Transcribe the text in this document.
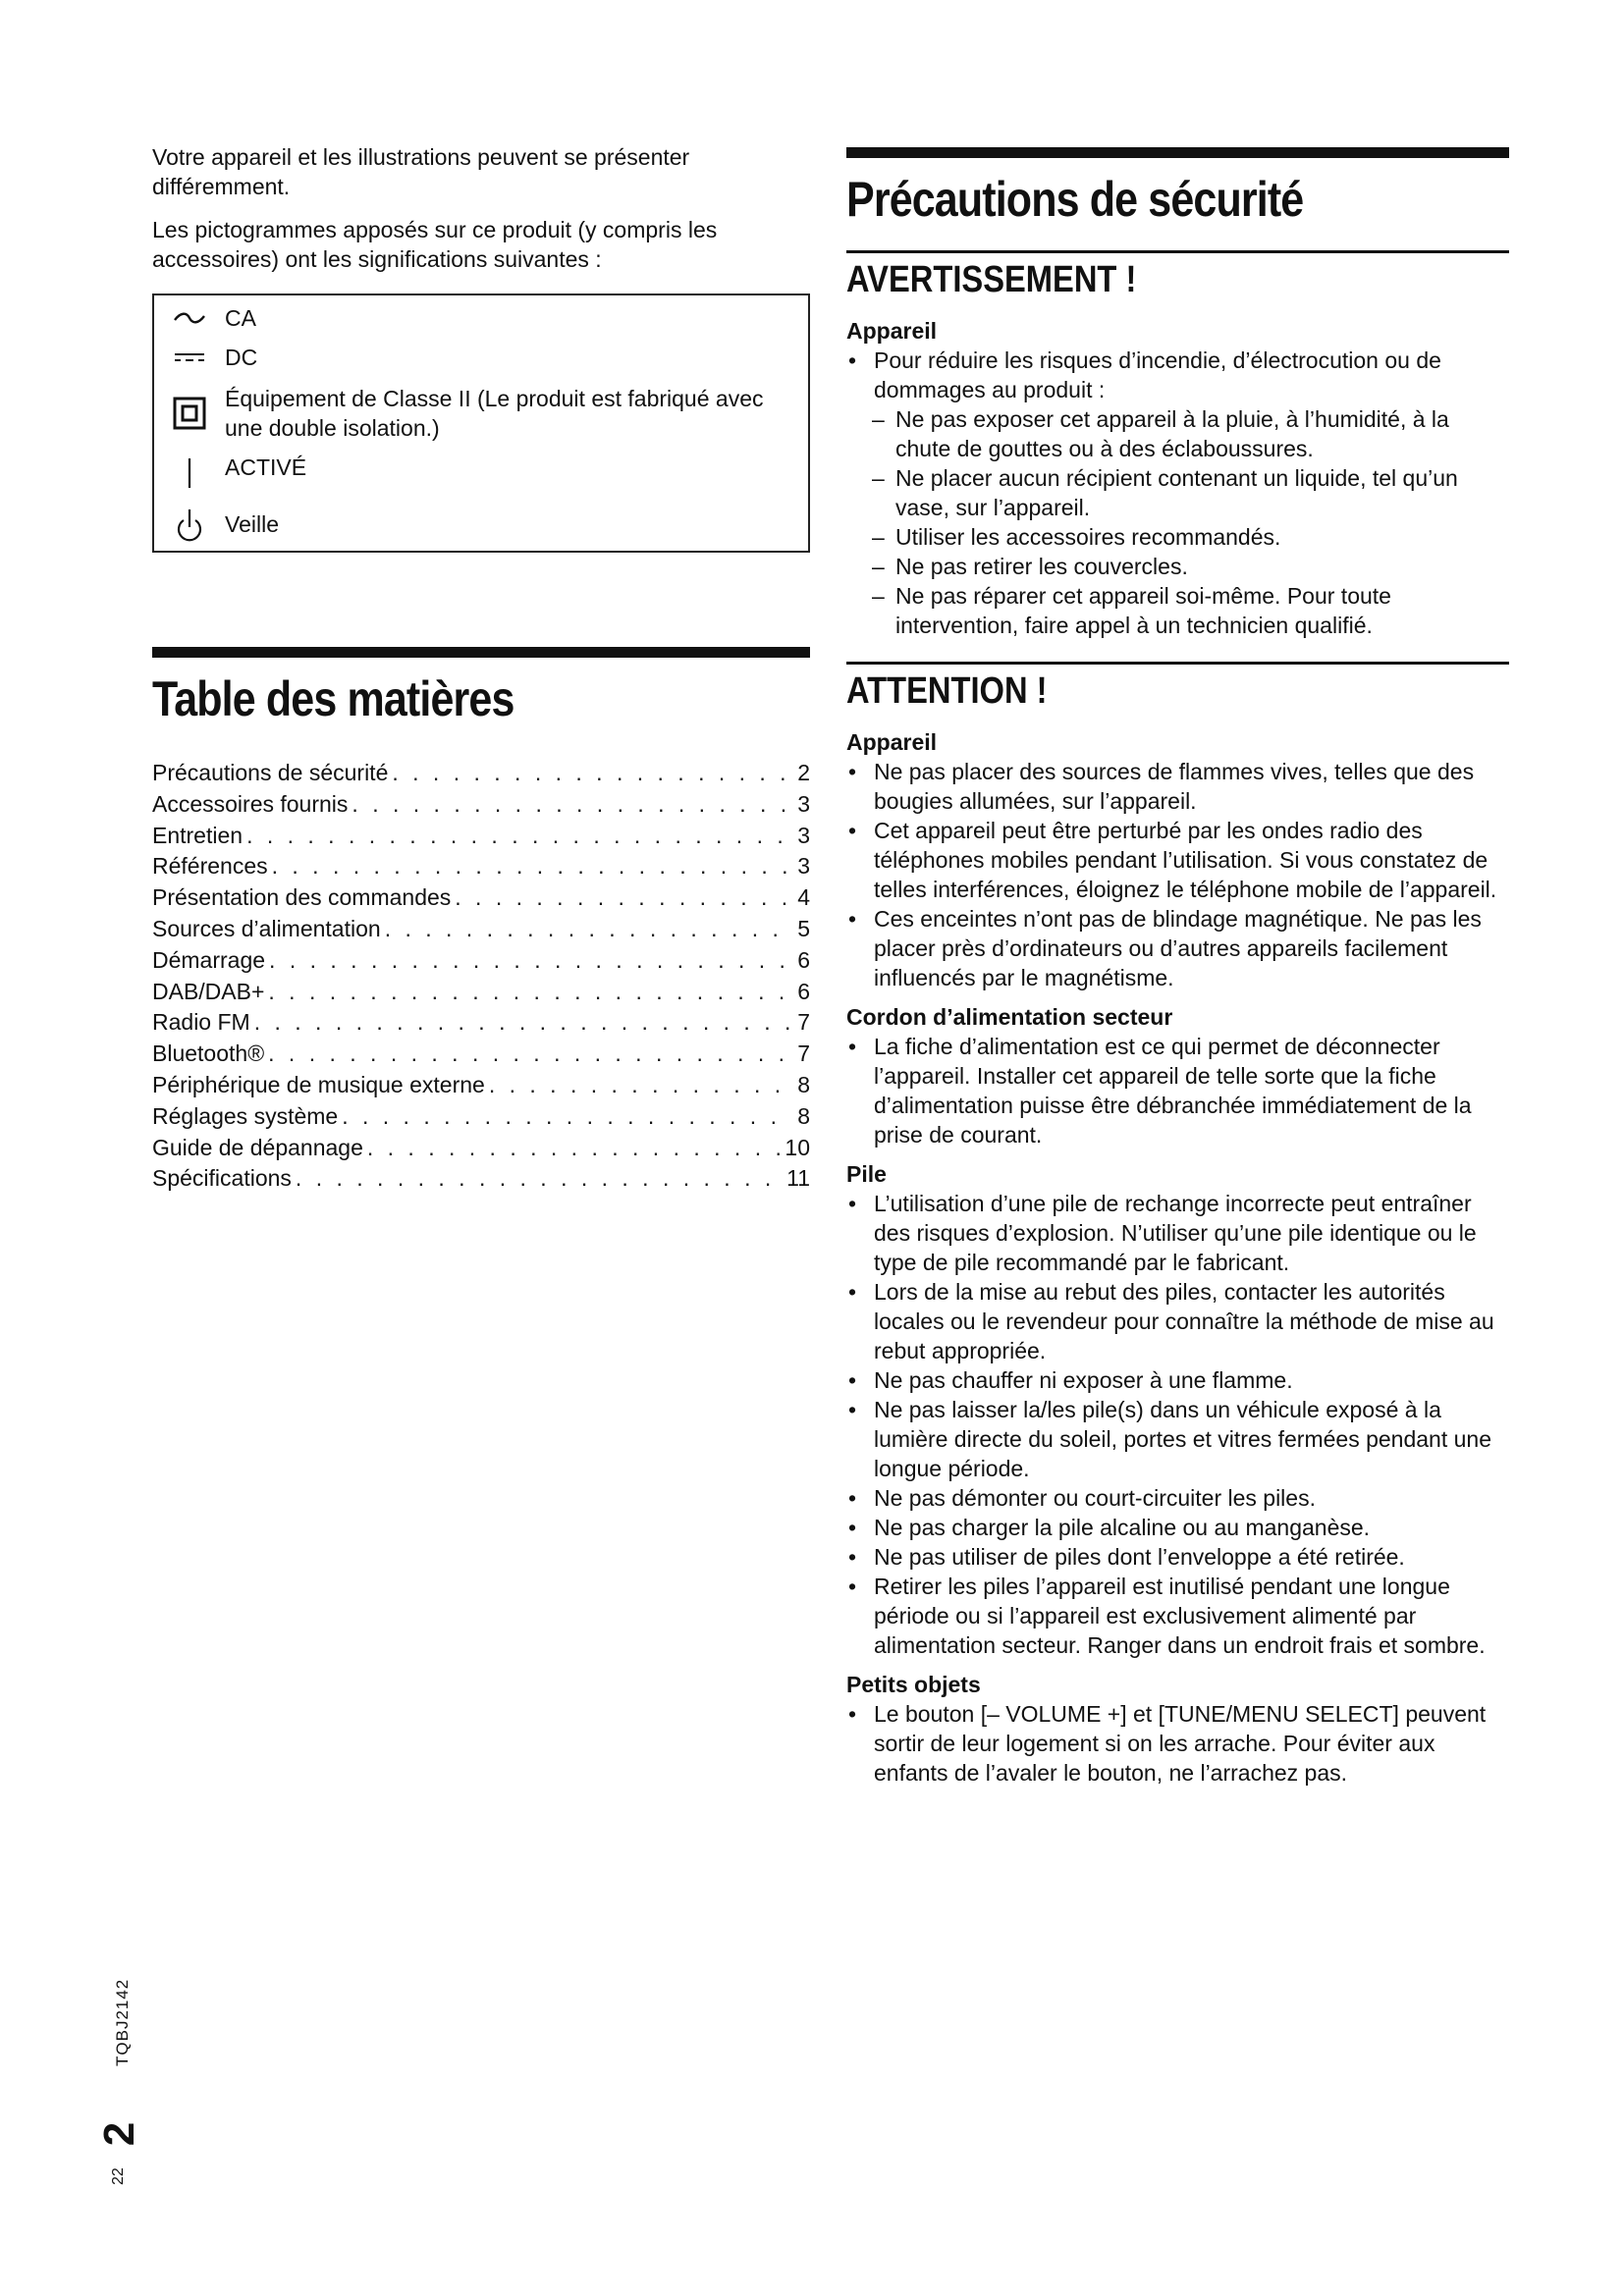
Votre appareil et les illustrations peuvent se présenter différemment.

Les pictogrammes apposés sur ce produit (y compris les accessoires) ont les significations suivantes :

CA
DC
Équipement de Classe II (Le produit est fabriqué avec une double isolation.)
ACTIVÉ
Veille
Table des matières
Précautions de sécurité . . .	2
Accessoires fournis . . .	3
Entretien . . .	3
Références . . .	3
Présentation des commandes . . .	4
Sources d’alimentation . . .	5
Démarrage . . .	6
DAB/DAB+ . . .	6
Radio FM . . .	7
Bluetooth® . . .	7
Périphérique de musique externe . . .	8
Réglages système . . .	8
Guide de dépannage . . .	10
Spécifications . . .	11
Précautions de sécurité
AVERTISSEMENT !
Appareil
• Pour réduire les risques d’incendie, d’électrocution ou de dommages au produit :
– Ne pas exposer cet appareil à la pluie, à l’humidité, à la chute de gouttes ou à des éclaboussures.
– Ne placer aucun récipient contenant un liquide, tel qu’un vase, sur l’appareil.
– Utiliser les accessoires recommandés.
– Ne pas retirer les couvercles.
– Ne pas réparer cet appareil soi-même. Pour toute intervention, faire appel à un technicien qualifié.
ATTENTION !
Appareil
• Ne pas placer des sources de flammes vives, telles que des bougies allumées, sur l’appareil.
• Cet appareil peut être perturbé par les ondes radio des téléphones mobiles pendant l’utilisation. Si vous constatez de telles interférences, éloignez le téléphone mobile de l’appareil.
• Ces enceintes n’ont pas de blindage magnétique. Ne pas les placer près d’ordinateurs ou d’autres appareils facilement influencés par le magnétisme.
Cordon d’alimentation secteur
• La fiche d’alimentation est ce qui permet de déconnecter l’appareil. Installer cet appareil de telle sorte que la fiche d’alimentation puisse être débranchée immédiatement de la prise de courant.
Pile
• L’utilisation d’une pile de rechange incorrecte peut entraîner des risques d’explosion. N’utiliser qu’une pile identique ou le type de pile recommandé par le fabricant.
• Lors de la mise au rebut des piles, contacter les autorités locales ou le revendeur pour connaître la méthode de mise au rebut appropriée.
• Ne pas chauffer ni exposer à une flamme.
• Ne pas laisser la/les pile(s) dans un véhicule exposé à la lumière directe du soleil, portes et vitres fermées pendant une longue période.
• Ne pas démonter ou court-circuiter les piles.
• Ne pas charger la pile alcaline ou au manganèse.
• Ne pas utiliser de piles dont l’enveloppe a été retirée.
• Retirer les piles l’appareil est inutilisé pendant une longue période ou si l’appareil est exclusivement alimenté par alimentation secteur. Ranger dans un endroit frais et sombre.
Petits objets
• Le bouton [– VOLUME +] et [TUNE/MENU SELECT] peuvent sortir de leur logement si on les arrache. Pour éviter aux enfants de l’avaler le bouton, ne l’arrachez pas.
TQBJ2142
2
22
